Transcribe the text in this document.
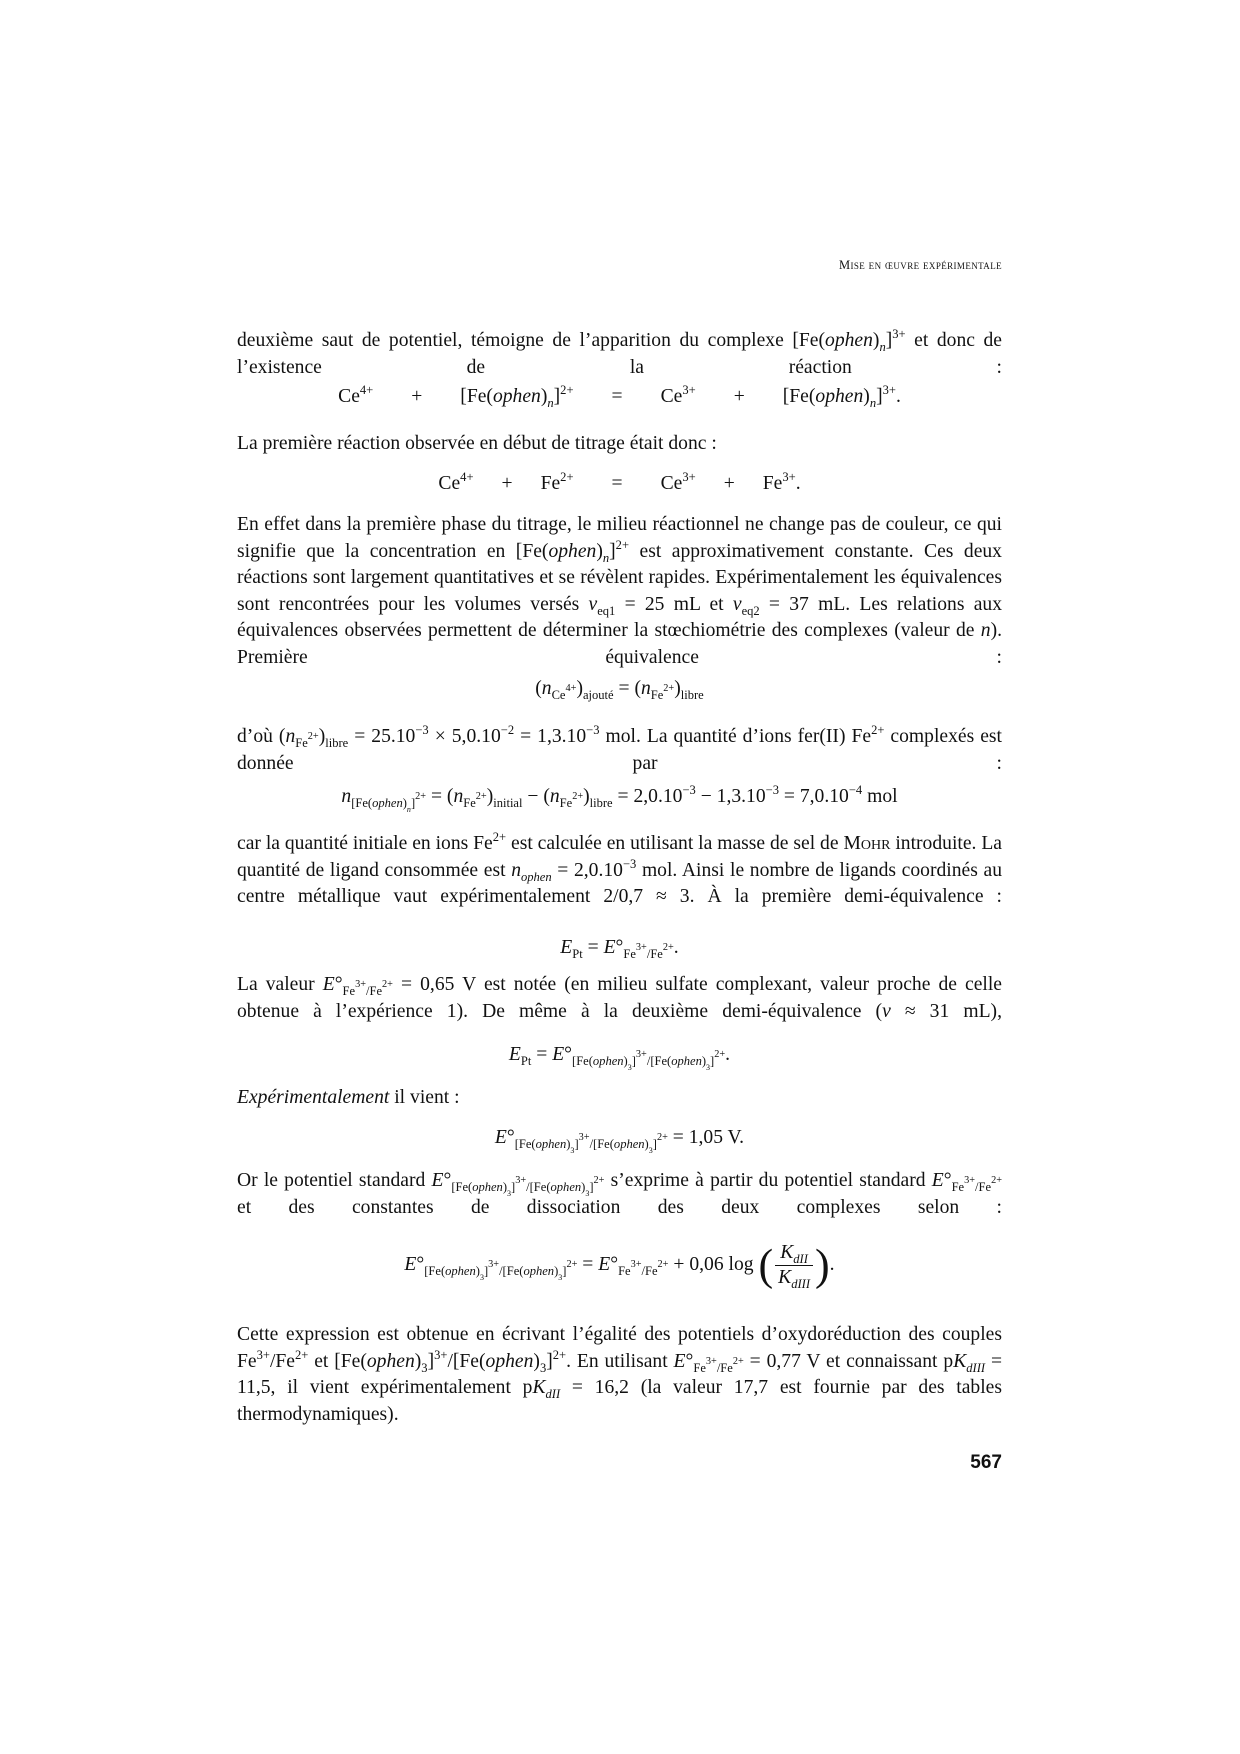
Mise en œuvre expérimentale
deuxième saut de potentiel, témoigne de l’apparition du complexe $[Fe(ophen)_n]^{3+}$ et donc de l’existence de la réaction :
$Ce^{4+}$ + $[Fe(ophen)_n]^{2+} = Ce^{3+}$ + $[Fe(ophen)_n]^{3+}$.
La première réaction observée en début de titrage était donc :
$Ce^{4+} + Fe^{2+} = Ce^{3+} + Fe^{3+}$.
En effet dans la première phase du titrage, le milieu réactionnel ne change pas de couleur, ce qui signifie que la concentration en $[Fe(ophen)_n]^{2+}$ est approximativement constante. Ces deux réactions sont largement quantitatives et se révèlent rapides. Expérimentalement les équivalences sont rencontrées pour les volumes versés $v_{eq1} = 25$ mL et $v_{eq2} = 37$ mL. Les relations aux équivalences observées permettent de déterminer la stœchiométrie des complexes (valeur de n). Première équivalence :
$(n_{Ce^{4+}})_{ajouté} = (n_{Fe^{2+}})_{libre}$
d’où $(n_{Fe^{2+}})_{libre} = 25.10^{-3} \times 5,0.10^{-2} = 1,3.10^{-3}$ mol. La quantité d’ions fer(II) $Fe^{2+}$ complexés est donnée par :
$n_{[Fe(ophen)_n]^{2+}} = (n_{Fe^{2+}})_{initial} - (n_{Fe^{2+}})_{libre} = 2,0.10^{-3} - 1,3.10^{-3} = 7,0.10^{-4}$ mol
car la quantité initiale en ions $Fe^{2+}$ est calculée en utilisant la masse de sel de Mohr introduite. La quantité de ligand consommée est $n_{ophen} = 2,0.10^{-3}$ mol. Ainsi le nombre de ligands coordinés au centre métallique vaut expérimentalement 2/0,7 ≈ 3. À la première demi-équivalence :
$E_{Pt} = E^\circ_{Fe^{3+}/Fe^{2+}}$.
La valeur $E^\circ_{Fe^{3+}/Fe^{2+}} = 0,65$ V est notée (en milieu sulfate complexant, valeur proche de celle obtenue à l’expérience 1). De même à la deuxième demi-équivalence (v ≈ 31 mL),
$E_{Pt} = E^\circ_{[Fe(ophen)_3]^{3+}/[Fe(ophen)_3]^{2+}}$.
Expérimentalement il vient :
$E^\circ_{[Fe(ophen)_3]^{3+}/[Fe(ophen)_3]^{2+}} = 1,05$ V.
Or le potentiel standard $E^\circ_{[Fe(ophen)_3]^{3+}/[Fe(ophen)_3]^{2+}}$ s’exprime à partir du potentiel standard $E^\circ_{Fe^{3+}/Fe^{2+}}$ et des constantes de dissociation des deux complexes selon :
$E^\circ_{[Fe(ophen)_3]^{3+}/[Fe(ophen)_3]^{2+}} = E^\circ_{Fe^{3+}/Fe^{2+}} + 0,06$ log ( $\frac{K_{dII}}{K_{dIII}}$ ).
Cette expression est obtenue en écrivant l’égalité des potentiels d’oxydoréduction des couples $Fe^{3+}/Fe^{2+}$ et $[Fe(ophen)_3]^{3+}/[Fe(ophen)_3]^{2+}$. En utilisant $E^\circ_{Fe^{3+}/Fe^{2+}} = 0,77$ V et connaissant $pK_{dIII} = 11,5$, il vient expérimentalement $pK_{dII} = 16,2$ (la valeur 17,7 est fournie par des tables thermodynamiques).
567
